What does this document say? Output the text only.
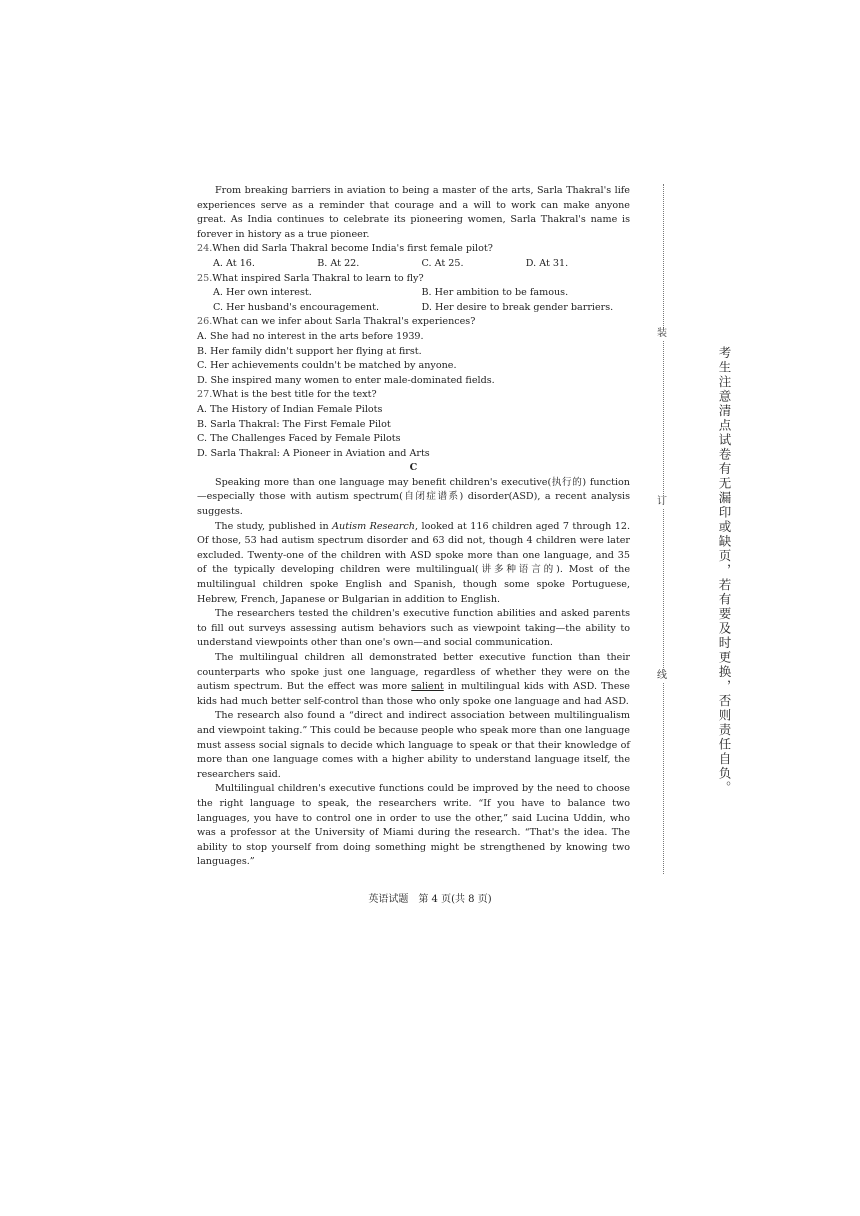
From breaking barriers in aviation to being a master of the arts, Sarla Thakral's life experiences serve as a reminder that courage and a will to work can make anyone great. As India continues to celebrate its pioneering women, Sarla Thakral's name is forever in history as a true pioneer.

24.When did Sarla Thakral become India's first female pilot?

A. At 16.	B. At 22.	C. At 25.	D. At 31.

25.What inspired Sarla Thakral to learn to fly?

A. Her own interest.	B. Her ambition to be famous.
C. Her husband's encouragement.	D. Her desire to break gender barriers.

26.What can we infer about Sarla Thakral's experiences?

A. She had no interest in the arts before 1939.

B. Her family didn't support her flying at first.

C. Her achievements couldn't be matched by anyone.

D. She inspired many women to enter male-dominated fields.

27.What is the best title for the text?

A. The History of Indian Female Pilots

B. Sarla Thakral: The First Female Pilot

C. The Challenges Faced by Female Pilots

D. Sarla Thakral: A Pioneer in Aviation and Arts

C

Speaking more than one language may benefit children's executive(执行的) function—especially those with autism spectrum(自闭症谱系) disorder(ASD), a recent analysis suggests.

The study, published in Autism Research, looked at 116 children aged 7 through 12. Of those, 53 had autism spectrum disorder and 63 did not, though 4 children were later excluded. Twenty-one of the children with ASD spoke more than one language, and 35 of the typically developing children were multilingual(讲多种语言的). Most of the multilingual children spoke English and Spanish, though some spoke Portuguese, Hebrew, French, Japanese or Bulgarian in addition to English.

The researchers tested the children's executive function abilities and asked parents to fill out surveys assessing autism behaviors such as viewpoint taking—the ability to understand viewpoints other than one's own—and social communication.

The multilingual children all demonstrated better executive function than their counterparts who spoke just one language, regardless of whether they were on the autism spectrum. But the effect was more salient in multilingual kids with ASD. These kids had much better self-control than those who only spoke one language and had ASD.

The research also found a “direct and indirect association between multilingualism and viewpoint taking.” This could be because people who speak more than one language must assess social signals to decide which language to speak or that their knowledge of more than one language comes with a higher ability to understand language itself, the researchers said.

Multilingual children's executive functions could be improved by the need to choose the right language to speak, the researchers write. “If you have to balance two languages, you have to control one in order to use the other,” said Lucina Uddin, who was a professor at the University of Miami during the research. “That's the idea. The ability to stop yourself from doing something might be strengthened by knowing two languages.”

装
订
线	考生注意清点试卷有无漏印或缺页，若有要及时更换，否则责任自负。
英语试题　第 4 页(共 8 页)
